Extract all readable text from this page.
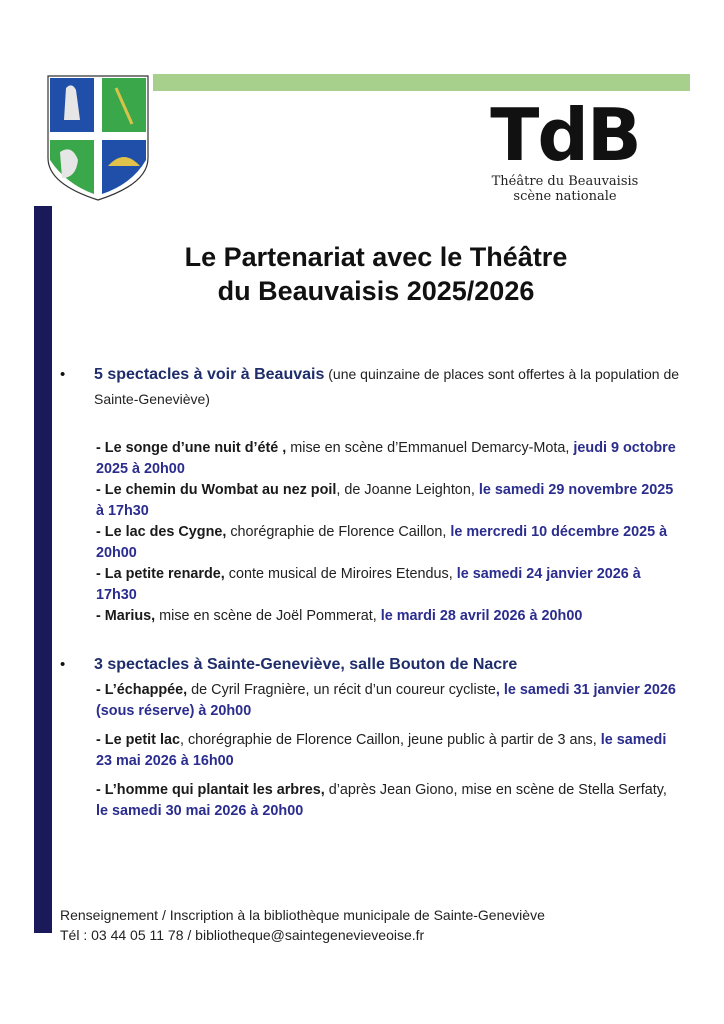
TdB
Théâtre du Beauvaisis
scène nationale
Le Partenariat avec le Théâtre
du Beauvaisis 2025/2026
• 5 spectacles à voir à Beauvais (une quinzaine de places sont offertes à la population de Sainte-Geneviève)
- Le songe d’une nuit d’été , mise en scène d’Emmanuel Demarcy-Mota, jeudi 9 octobre 2025 à 20h00
- Le chemin du Wombat au nez poil, de Joanne Leighton, le samedi 29 novembre 2025 à 17h30
- Le lac des Cygne, chorégraphie de Florence Caillon, le mercredi 10 décembre 2025 à 20h00
- La petite renarde, conte musical de Miroires Etendus, le samedi 24 janvier 2026 à 17h30
- Marius, mise en scène de Joël Pommerat, le mardi 28 avril 2026 à 20h00
• 3 spectacles à Sainte-Geneviève, salle Bouton de Nacre
- L’échappée, de Cyril Fragnière, un récit d’un coureur cycliste, le samedi 31 janvier 2026 (sous réserve) à 20h00
- Le petit lac, chorégraphie de Florence Caillon, jeune public à partir de 3 ans, le samedi 23 mai 2026 à 16h00
- L’homme qui plantait les arbres, d’après Jean Giono, mise en scène de Stella Serfaty, le samedi 30 mai 2026 à 20h00
Renseignement / Inscription à la bibliothèque municipale de Sainte-Geneviève
Tél : 03 44 05 11 78 / bibliotheque@saintegenevieveoise.fr
